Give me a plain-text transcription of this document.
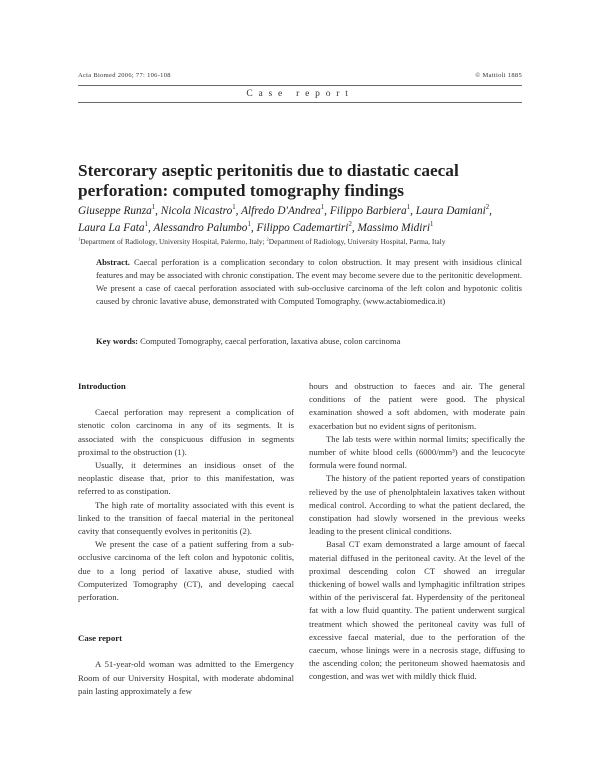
Acta Biomed 2006; 77: 106-108	© Mattioli 1885
Case report
Stercorary aseptic peritonitis due to diastatic caecal perforation: computed tomography findings
Giuseppe Runza$^1$, Nicola Nicastro$^1$, Alfredo D'Andrea$^1$, Filippo Barbiera$^1$, Laura Damiani$^2$,
Laura La Fata$^1$, Alessandro Palumbo$^1$, Filippo Cademartiri$^2$, Massimo Midiri$^1$
$^1$Department of Radiology, University Hospital, Palermo, Italy; $^2$Department of Radiology, University Hospital, Parma, Italy
Abstract. Caecal perforation is a complication secondary to colon obstruction. It may present with insidious clinical features and may be associated with chronic constipation. The event may become severe due to the peritonitic development. We present a case of caecal perforation associated with sub-occlusive carcinoma of the left colon and hypotonic colitis caused by chronic lavative abuse, demonstrated with Computed Tomography. (www.actabiomedica.it)
Key words: Computed Tomography, caecal perforation, laxativa abuse, colon carcinoma
Introduction

Caecal perforation may represent a complication of stenotic colon carcinoma in any of its segments. It is associated with the conspicuous diffusion in segments proximal to the obstruction (1).

Usually, it determines an insidious onset of the neoplastic disease that, prior to this manifestation, was referred to as constipation.

The high rate of mortality associated with this event is linked to the transition of faecal material in the peritoneal cavity that consequently evolves in peritonitis (2).

We present the case of a patient suffering from a sub-occlusive carcinoma of the left colon and hypotonic colitis, due to a long period of laxative abuse, studied with Computerized Tomography (CT), and developing caecal perforation.

Case report

A 51-year-old woman was admitted to the Emergency Room of our University Hospital, with moderate abdominal pain lasting approximately a few

hours and obstruction to faeces and air. The general conditions of the patient were good. The physical examination showed a soft abdomen, with moderate pain exacerbation but no evident signs of peritonism.

The lab tests were within normal limits; specifically the number of white blood cells (6000/mm³) and the leucocyte formula were found normal.

The history of the patient reported years of constipation relieved by the use of phenolphtalein laxatives taken without medical control. According to what the patient declared, the constipation had slowly worsened in the previous weeks leading to the present clinical conditions.

Basal CT exam demonstrated a large amount of faecal material diffused in the peritoneal cavity. At the level of the proximal descending colon CT showed an irregular thickening of bowel walls and lymphagitic infiltration stripes within of the perivisceral fat. Hyperdensity of the peritoneal fat with a low fluid quantity. The patient underwent surgical treatment which showed the peritoneal cavity was full of excessive faecal material, due to the perforation of the caecum, whose linings were in a necrosis stage, diffusing to the ascending colon; the peritoneum showed haematosis and congestion, and was wet with mildly thick fluid.
